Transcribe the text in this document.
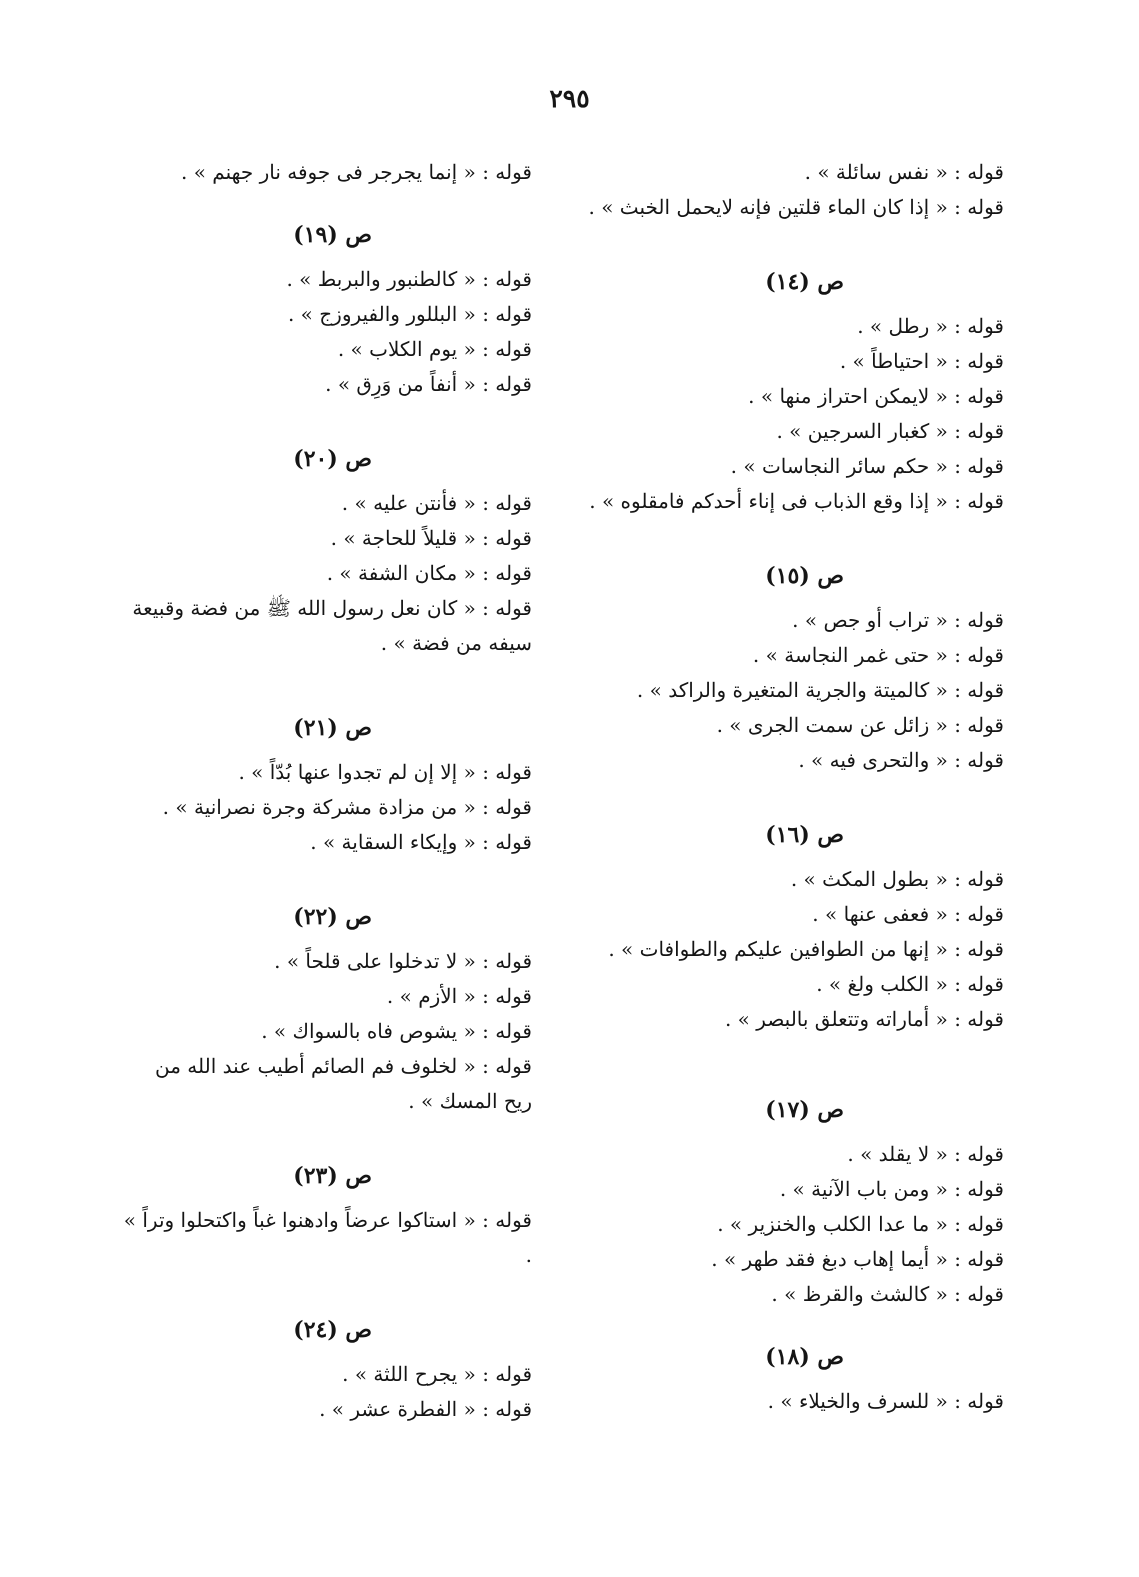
٢٩٥

قوله : « نفس سائلة » .

قوله : « إذا كان الماء قلتين فإنه لايحمل الخبث » .

ص (١٤)

قوله : « رطل » .

قوله : « احتياطاً » .

قوله : « لايمكن احتراز منها » .

قوله : « كغبار السرجين » .

قوله : « حكم سائر النجاسات » .

قوله : « إذا وقع الذباب فى إناء أحدكم فامقلوه » .

ص (١٥)

قوله : « تراب أو جص » .

قوله : « حتى غمر النجاسة » .

قوله : « كالميتة والجرية المتغيرة والراكد » .

قوله : « زائل عن سمت الجرى » .

قوله : « والتحرى فيه » .

ص (١٦)

قوله : « بطول المكث » .

قوله : « فعفى عنها » .

قوله : « إنها من الطوافين عليكم والطوافات » .

قوله : « الكلب ولغ » .

قوله : « أماراته وتتعلق بالبصر » .

ص (١٧)

قوله : « لا يقلد » .

قوله : « ومن باب الآنية » .

قوله : « ما عدا الكلب والخنزير » .

قوله : « أيما إهاب دبغ فقد طهر » .

قوله : « كالشث والقرظ » .

ص (١٨)

قوله : « للسرف والخيلاء » .

قوله : « إنما يجرجر فى جوفه نار جهنم » .

ص (١٩)

قوله : « كالطنبور والبربط » .

قوله : « البللور والفيروزج » .

قوله : « يوم الكلاب » .

قوله : « أنفاً من وَرِق » .

ص (٢٠)

قوله : « فأنتن عليه » .

قوله : « قليلاً للحاجة » .

قوله : « مكان الشفة » .

قوله : « كان نعل رسول الله ﷺ من فضة وقبيعة سيفه من فضة » .

ص (٢١)

قوله : « إلا إن لم تجدوا عنها بُدّاً » .

قوله : « من مزادة مشركة وجرة نصرانية » .

قوله : « وإيكاء السقاية » .

ص (٢٢)

قوله : « لا تدخلوا على قلحاً » .

قوله : « الأزم » .

قوله : « يشوص فاه بالسواك » .

قوله : « لخلوف فم الصائم أطيب عند الله من ريح المسك » .

ص (٢٣)

قوله : « استاكوا عرضاً وادهنوا غباً واكتحلوا وتراً » .

ص (٢٤)

قوله : « يجرح اللثة » .

قوله : « الفطرة عشر » .
